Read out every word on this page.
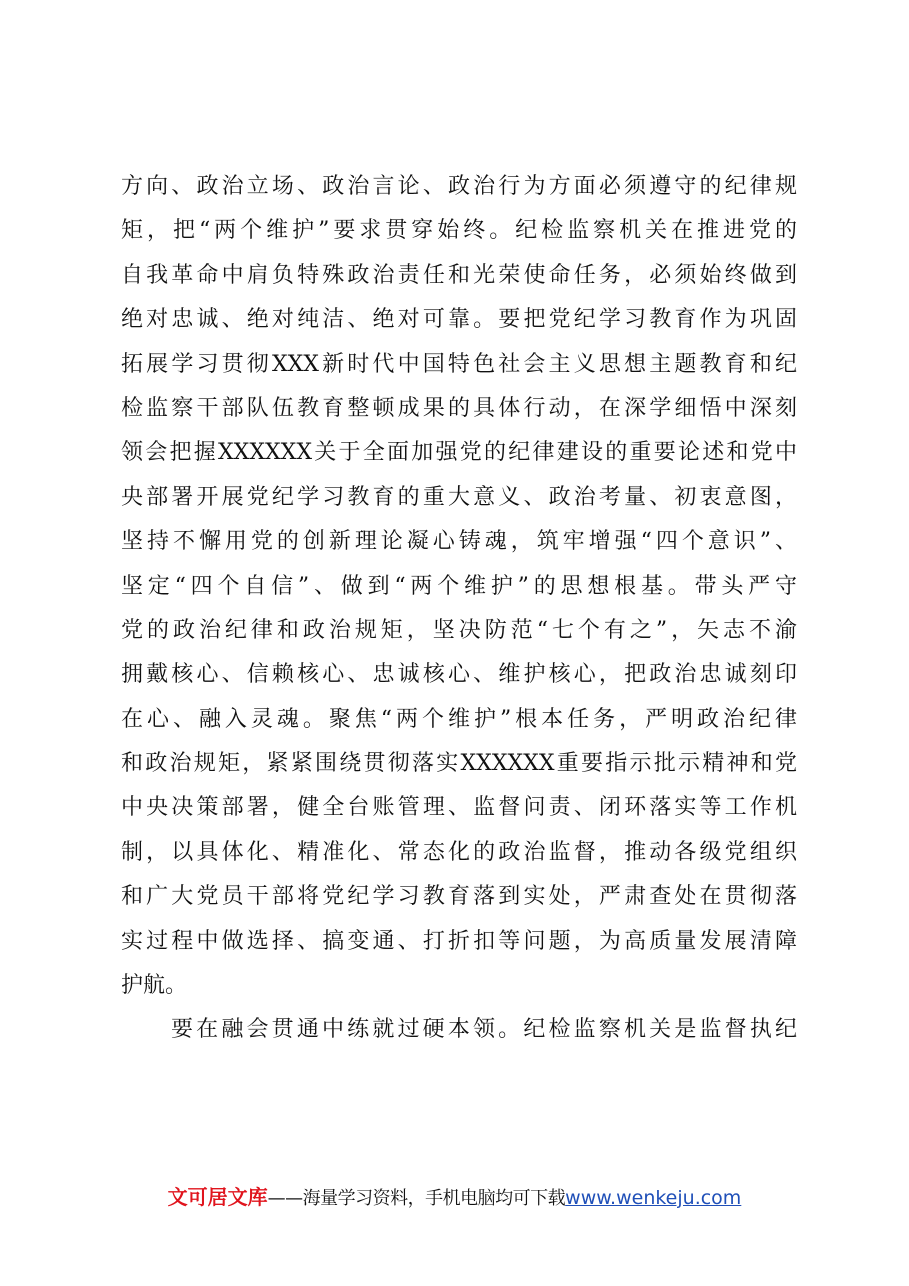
方向、政治立场、政治言论、政治行为方面必须遵守的纪律规
矩，把“两个维护”要求贯穿始终。纪检监察机关在推进党的
自我革命中肩负特殊政治责任和光荣使命任务，必须始终做到
绝对忠诚、绝对纯洁、绝对可靠。要把党纪学习教育作为巩固
拓展学习贯彻XXX新时代中国特色社会主义思想主题教育和纪
检监察干部队伍教育整顿成果的具体行动，在深学细悟中深刻
领会把握XXXXXX关于全面加强党的纪律建设的重要论述和党中
央部署开展党纪学习教育的重大意义、政治考量、初衷意图，
坚持不懈用党的创新理论凝心铸魂，筑牢增强“四个意识”、
坚定“四个自信”、做到“两个维护”的思想根基。带头严守
党的政治纪律和政治规矩，坚决防范“七个有之”，矢志不渝
拥戴核心、信赖核心、忠诚核心、维护核心，把政治忠诚刻印
在心、融入灵魂。聚焦“两个维护”根本任务，严明政治纪律
和政治规矩，紧紧围绕贯彻落实XXXXXX重要指示批示精神和党
中央决策部署，健全台账管理、监督问责、闭环落实等工作机
制，以具体化、精准化、常态化的政治监督，推动各级党组织
和广大党员干部将党纪学习教育落到实处，严肃查处在贯彻落
实过程中做选择、搞变通、打折扣等问题，为高质量发展清障
护航。
要在融会贯通中练就过硬本领。纪检监察机关是监督执纪
文可居文库——海量学习资料，手机电脑均可下载www.wenkeju.com
